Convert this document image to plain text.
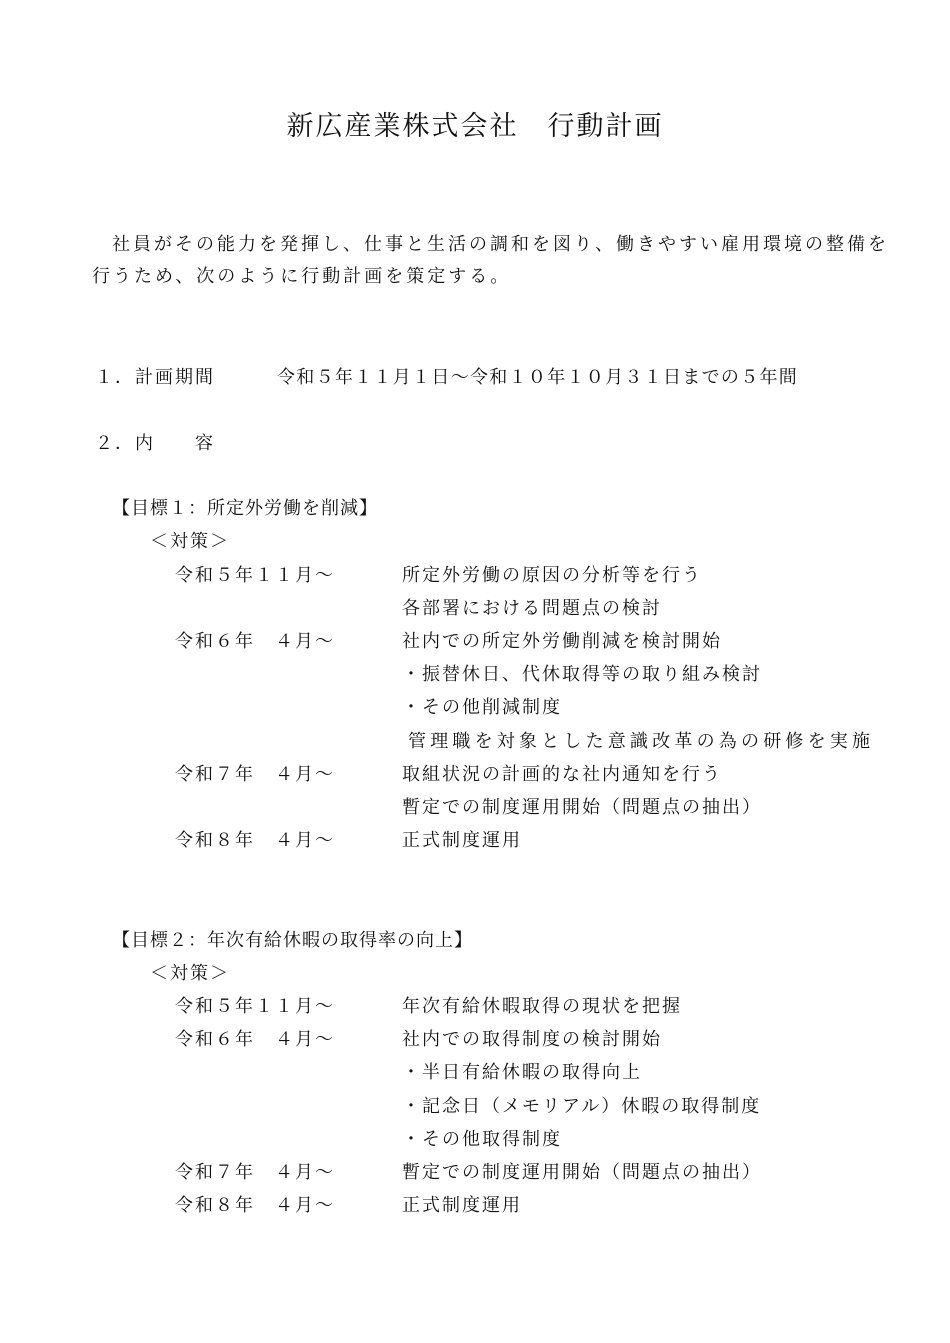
新広産業株式会社　行動計画
社員がその能力を発揮し、仕事と生活の調和を図り、働きやすい雇用環境の整備を
行うため、次のように行動計画を策定する。
１．計画期間	令和５年１１月１日～令和１０年１０月３１日までの５年間
２．内　　容
【目標１：所定外労働を削減】
＜対策＞
令和５年１１月～	所定外労働の原因の分析等を行う
各部署における問題点の検討
令和６年　４月～	社内での所定外労働削減を検討開始
・振替休日、代休取得等の取り組み検討
・その他削減制度
管理職を対象とした意識改革の為の研修を実施
令和７年　４月～	取組状況の計画的な社内通知を行う
暫定での制度運用開始（問題点の抽出）
令和８年　４月～	正式制度運用
【目標２：年次有給休暇の取得率の向上】
＜対策＞
令和５年１１月～	年次有給休暇取得の現状を把握
令和６年　４月～	社内での取得制度の検討開始
・半日有給休暇の取得向上
・記念日（メモリアル）休暇の取得制度
・その他取得制度
令和７年　４月～	暫定での制度運用開始（問題点の抽出）
令和８年　４月～	正式制度運用
